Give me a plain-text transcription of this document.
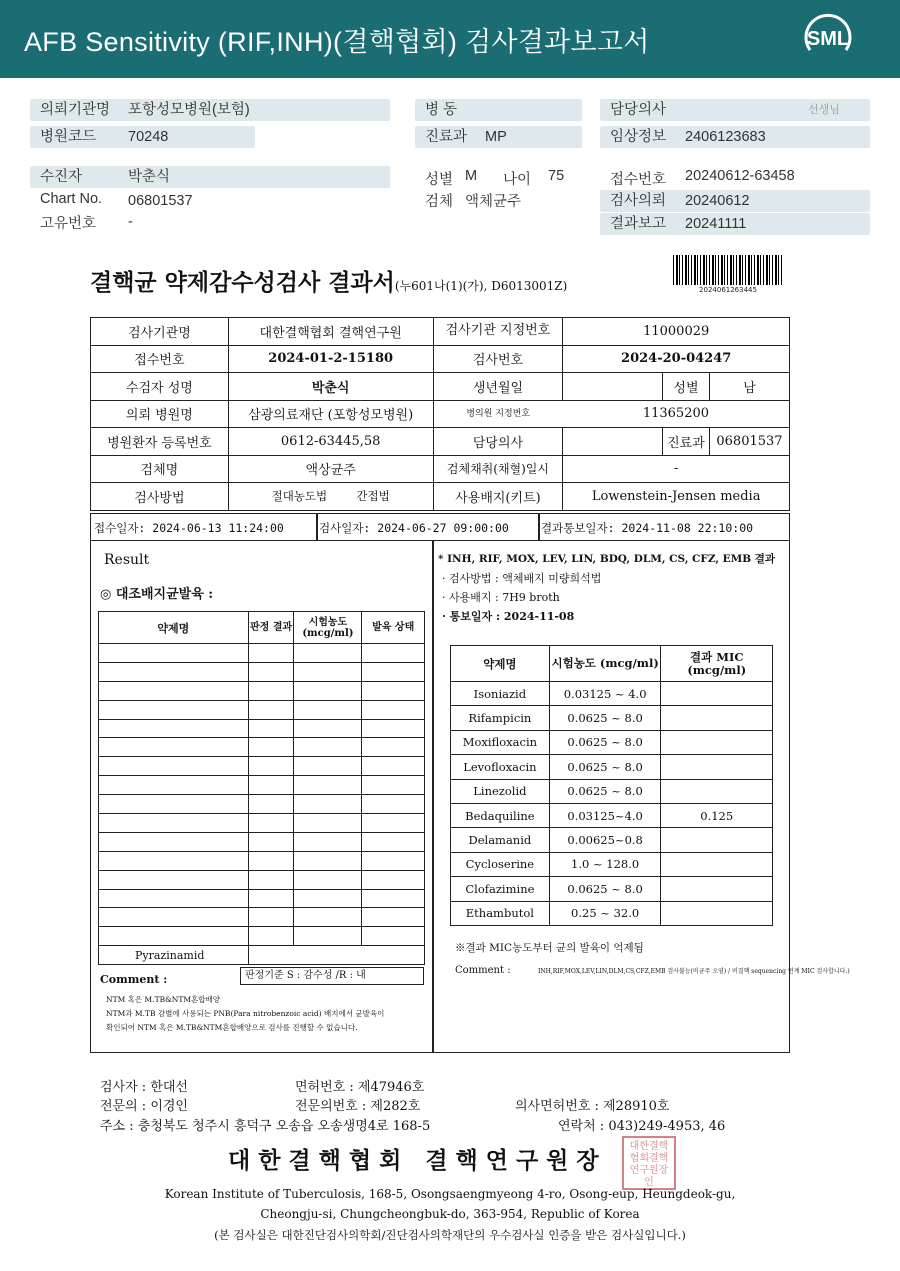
AFB Sensitivity (RIF,INH)(결핵협회) 검사결과보고서	SML
의뢰기관명 포항성모병원(보험)
병원코드 70248
수진자	박춘식
Chart No. 06801537
고유번호 -
병 동
진료과 MP
성별 M 나이 75
검체 액체균주
담당의사	선생님
임상정보 2406123683
접수번호 20240612-63458
검사의뢰 20240612
결과보고 20241111
결핵균 약제감수성검사 결과서(누601나(1)(가), D6013001Z)	2024061263445
검사기관명	대한결핵협회 결핵연구원	검사기관 지정번호	11000029		
접수번호	2024-01-2-15180	검사번호	2024-20-04247		
수검자 성명	박춘식	생년월일		성별	남
의뢰 병원명	삼광의료재단 (포항성모병원)	병의원 지정번호	11365200		
병원환자 등록번호	0612-63445,58	담당의사		진료과	06801537
검체명	액상균주	검체채취(채혈)일시	-		
검사방법	절대농도법 간접법	사용배지(키트)	Lowenstein-Jensen media		
접수일자: 2024-06-13 11:24:00	검사일자: 2024-06-27 09:00:00	결과통보일자: 2024-11-08 22:10:00
Result
◎ 대조배지균발육 :
약제명	판정 결과	시험농도 (mcg/ml)	발육 상태

Pyrazinamid			
Comment :	판정기준 S : 감수성 /R : 내
NTM 혹은 M.TB&NTM혼합배양
NTM과 M.TB 감별에 사용되는 PNB(Para nitrobenzoic acid) 배지에서 균발육이
확인되어 NTM 혹은 M.TB&NTM혼합배양으로 검사를 진행할 수 없습니다.
* INH, RIF, MOX, LEV, LIN, BDQ, DLM, CS, CFZ, EMB 결과
· 검사방법 : 액체배지 미량희석법
· 사용배지 : 7H9 broth
· 통보일자 : 2024-11-08
약제명	시험농도 (mcg/ml)	결과 MIC (mcg/ml)
Isoniazid	0.03125 ~ 4.0	
Rifampicin	0.0625 ~ 8.0	
Moxifloxacin	0.0625 ~ 8.0	
Levofloxacin	0.0625 ~ 8.0	
Linezolid	0.0625 ~ 8.0	
Bedaquiline	0.03125~4.0	0.125
Delamanid	0.00625~0.8	
Cycloserine	1.0 ~ 128.0	
Clofazimine	0.0625 ~ 8.0	
Ethambutol	0.25 ~ 32.0	
※결과 MIC농도부터 균의 발육이 억제됨
Comment :	INH,RIF,MOX,LEV,LIN,DLM,CS,CFZ,EMB 검사불능(비균주 오염) / 비결핵 sequencing 연계 MIC 검사합니다.)
검사자 : 한대선	면허번호 : 제47946호
전문의 : 이경인	전문의번호 : 제282호	의사면허번호 : 제28910호
주소 : 충청북도 청주시 흥덕구 오송읍 오송생명4로 168-5	연락처 : 043)249-4953, 46
대한결핵협회 결핵연구원장
대한결핵협회결핵연구원장인
Korean Institute of Tuberculosis, 168-5, Osongsaengmyeong 4-ro, Osong-eup, Heungdeok-gu,
Cheongju-si, Chungcheongbuk-do, 363-954, Republic of Korea
(본 검사실은 대한진단검사의학회/진단검사의학재단의 우수검사실 인증을 받은 검사실입니다.)
